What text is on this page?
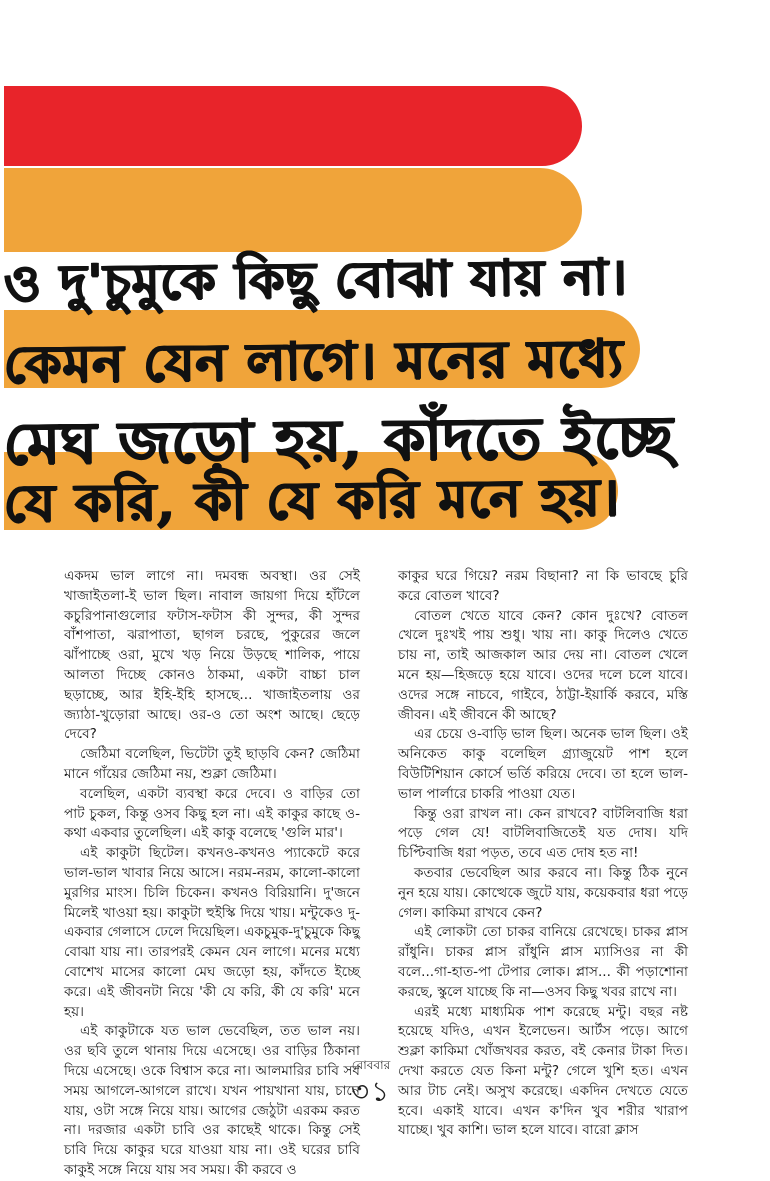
ও দু'চুমুকে কিছু বোঝা যায় না।
কেমন যেন লাগে। মনের মধ্যে
মেঘ জড়ো হয়, কাঁদতে ইচ্ছে
যে করি, কী যে করি মনে হয়।

একদম ভাল লাগে না। দমবন্ধ অবস্থা। ওর সেই খাজাইতলা-ই ভাল ছিল। নাবাল জায়গা দিয়ে হাঁটলে কচুরিপানাগুলোর ফটাস-ফটাস কী সুন্দর, কী সুন্দর বাঁশপাতা, ঝরাপাতা, ছাগল চরছে, পুকুরের জলে ঝাঁপাচ্ছে ওরা, মুখে খড় নিয়ে উড়ছে শালিক, পায়ে আলতা দিচ্ছে কোনও ঠাকমা, একটা বাচ্চা চাল ছড়াচ্ছে, আর ইহি-ইহি হাসছে... খাজাইতলায় ওর জ্যাঠা-খুড়োরা আছে। ওর-ও তো অংশ আছে। ছেড়ে দেবে?

জেঠিমা বলেছিল, ভিটেটা তুই ছাড়বি কেন? জেঠিমা মানে গাঁয়ের জেঠিমা নয়, শুক্লা জেঠিমা।

বলেছিল, একটা ব্যবস্থা করে দেবে। ও বাড়ির তো পাট চুকল, কিন্তু ওসব কিছু হল না। এই কাকুর কাছে ও-কথা একবার তুলেছিল। এই কাকু বলেছে 'গুলি মার'।

এই কাকুটা ছিটেল। কখনও-কখনও প্যাকেটে করে ভাল-ভাল খাবার নিয়ে আসে। নরম-নরম, কালো-কালো মুরগির মাংস। চিলি চিকেন। কখনও বিরিয়ানি। দু'জনে মিলেই খাওয়া হয়। কাকুটা হুইস্কি দিয়ে খায়। মন্টুকেও দু-একবার গেলাসে ঢেলে দিয়েছিল। একচুমুক-দু'চুমুকে কিছু বোঝা যায় না। তারপরই কেমন যেন লাগে। মনের মধ্যে বোশেখ মাসের কালো মেঘ জড়ো হয়, কাঁদতে ইচ্ছে করে। এই জীবনটা নিয়ে 'কী যে করি, কী যে করি' মনে হয়।

এই কাকুটাকে যত ভাল ভেবেছিল, তত ভাল নয়। ওর ছবি তুলে থানায় দিয়ে এসেছে। ওর বাড়ির ঠিকানা দিয়ে এসেছে। ওকে বিশ্বাস করে না। আলমারির চাবি সব সময় আগলে-আগলে রাখে। যখন পায়খানা যায়, চানে যায়, ওটা সঙ্গে নিয়ে যায়। আগের জেঠুটা এরকম করত না। দরজার একটা চাবি ওর কাছেই থাকে। কিন্তু সেই চাবি দিয়ে কাকুর ঘরে যাওয়া যায় না। ওই ঘরের চাবি কাকুই সঙ্গে নিয়ে যায় সব সময়। কী করবে ও

কাকুর ঘরে গিয়ে? নরম বিছানা? না কি ভাবছে চুরি করে বোতল খাবে?

বোতল খেতে যাবে কেন? কোন দুঃখে? বোতল খেলে দুঃখই পায় শুধু। খায় না। কাকু দিলেও খেতে চায় না, তাই আজকাল আর দেয় না। বোতল খেলে মনে হয়—হিজড়ে হয়ে যাবে। ওদের দলে চলে যাবে। ওদের সঙ্গে নাচবে, গাইবে, ঠাট্টা-ইয়ার্কি করবে, মস্তি জীবন। এই জীবনে কী আছে?

এর চেয়ে ও-বাড়ি ভাল ছিল। অনেক ভাল ছিল। ওই অনিকেত কাকু বলেছিল গ্র্যাজুয়েট পাশ হলে বিউটিশিয়ান কোর্সে ভর্তি করিয়ে দেবে। তা হলে ভাল-ভাল পার্লারে চাকরি পাওয়া যেত।

কিন্তু ওরা রাখল না। কেন রাখবে? বাটলিবাজি ধরা পড়ে গেল যে! বাটলিবাজিতেই যত দোষ। যদি চিপ্টিবাজি ধরা পড়ত, তবে এত দোষ হত না!

কতবার ভেবেছিল আর করবে না। কিন্তু ঠিক নুনে নুন হয়ে যায়। কোত্থেকে জুটে যায়, কয়েকবার ধরা পড়ে গেল। কাকিমা রাখবে কেন?

এই লোকটা তো চাকর বানিয়ে রেখেছে। চাকর প্লাস রাঁধুনি। চাকর প্লাস রাঁধুনি প্লাস ম্যাসিওর না কী বলে...গা-হাত-পা টেপার লোক। প্লাস... কী পড়াশোনা করছে, স্কুলে যাচ্ছে কি না—ওসব কিছু খবর রাখে না।

এরই মধ্যে মাধ্যমিক পাশ করেছে মন্টু। বছর নষ্ট হয়েছে যদিও, এখন ইলেভেন। আর্টস পড়ে। আগে শুক্লা কাকিমা খোঁজখবর করত, বই কেনার টাকা দিত। দেখা করতে যেত কিনা মন্টু? গেলে খুশি হত। এখন আর টাচ নেই। অসুখ করেছে। একদিন দেখতে যেতে হবে। একাই যাবে। এখন ক'দিন খুব শরীর খারাপ যাচ্ছে। খুব কাশি। ভাল হলে যাবে। বারো ক্লাস

রোববার
৩১
